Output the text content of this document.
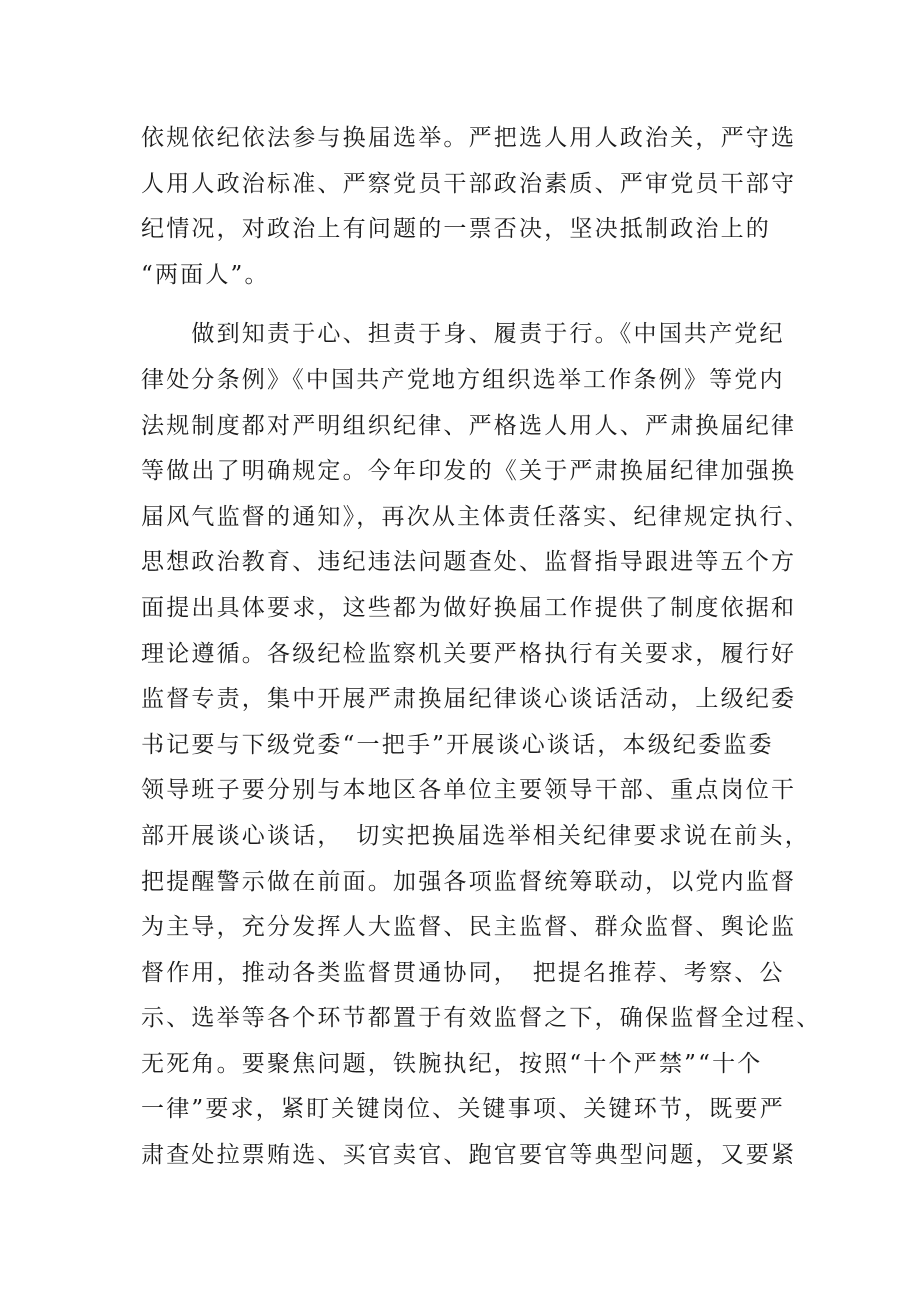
依规依纪依法参与换届选举。严把选人用人政治关，严守选
人用人政治标准、严察党员干部政治素质、严审党员干部守
纪情况，对政治上有问题的一票否决，坚决抵制政治上的
“两面人”。
　　做到知责于心、担责于身、履责于行。《中国共产党纪
律处分条例》《中国共产党地方组织选举工作条例》等党内
法规制度都对严明组织纪律、严格选人用人、严肃换届纪律
等做出了明确规定。今年印发的《关于严肃换届纪律加强换
届风气监督的通知》，再次从主体责任落实、纪律规定执行、
思想政治教育、违纪违法问题查处、监督指导跟进等五个方
面提出具体要求，这些都为做好换届工作提供了制度依据和
理论遵循。各级纪检监察机关要严格执行有关要求，履行好
监督专责，集中开展严肃换届纪律谈心谈话活动，上级纪委
书记要与下级党委“一把手”开展谈心谈话，本级纪委监委
领导班子要分别与本地区各单位主要领导干部、重点岗位干
部开展谈心谈话，　切实把换届选举相关纪律要求说在前头，
把提醒警示做在前面。加强各项监督统筹联动，以党内监督
为主导，充分发挥人大监督、民主监督、群众监督、舆论监
督作用，推动各类监督贯通协同，　把提名推荐、考察、公
示、选举等各个环节都置于有效监督之下，确保监督全过程、
无死角。要聚焦问题，铁腕执纪，按照“十个严禁”“十个
一律”要求，紧盯关键岗位、关键事项、关键环节，既要严
肃查处拉票贿选、买官卖官、跑官要官等典型问题，又要紧
